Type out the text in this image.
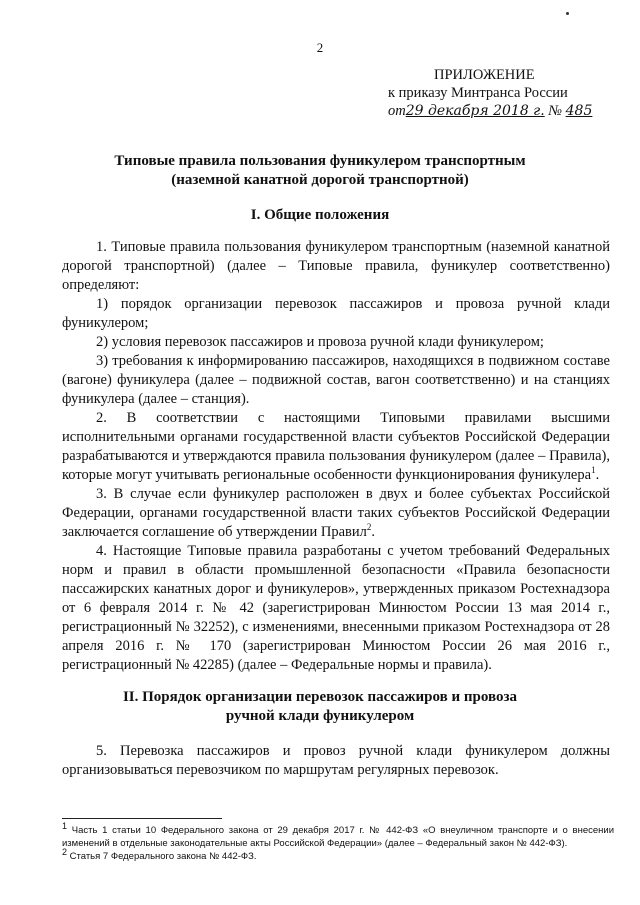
2
ПРИЛОЖЕНИЕ
к приказу Минтранса России
от29 декабря 2018 г. № 485
Типовые правила пользования фуникулером транспортным
(наземной канатной дорогой транспортной)
I. Общие положения

1. Типовые правила пользования фуникулером транспортным (наземной канатной дорогой транспортной) (далее – Типовые правила, фуникулер соответственно) определяют:

1) порядок организации перевозок пассажиров и провоза ручной клади фуникулером;

2) условия перевозок пассажиров и провоза ручной клади фуникулером;

3) требования к информированию пассажиров, находящихся в подвижном составе (вагоне) фуникулера (далее – подвижной состав, вагон соответственно) и на станциях фуникулера (далее – станция).

2. В соответствии с настоящими Типовыми правилами высшими исполнительными органами государственной власти субъектов Российской Федерации разрабатываются и утверждаются правила пользования фуникулером (далее – Правила), которые могут учитывать региональные особенности функционирования фуникулера$^1$.

3. В случае если фуникулер расположен в двух и более субъектах Российской Федерации, органами государственной власти таких субъектов Российской Федерации заключается соглашение об утверждении Правил$^2$.

4. Настоящие Типовые правила разработаны с учетом требований Федеральных норм и правил в области промышленной безопасности «Правила безопасности пассажирских канатных дорог и фуникулеров», утвержденных приказом Ростехнадзора от 6 февраля 2014 г. № 42 (зарегистрирован Минюстом России 13 мая 2014 г., регистрационный № 32252), с изменениями, внесенными приказом Ростехнадзора от 28 апреля 2016 г. № 170 (зарегистрирован Минюстом России 26 мая 2016 г., регистрационный № 42285) (далее – Федеральные нормы и правила).

II. Порядок организации перевозок пассажиров и провоза
ручной клади фуникулером

5. Перевозка пассажиров и провоз ручной клади фуникулером должны организовываться перевозчиком по маршрутам регулярных перевозок.

$^1$ Часть 1 статьи 10 Федерального закона от 29 декабря 2017 г. № 442-ФЗ «О внеуличном транспорте и о внесении изменений в отдельные законодательные акты Российской Федерации» (далее – Федеральный закон № 442-ФЗ).

$^2$ Статья 7 Федерального закона № 442-ФЗ.
